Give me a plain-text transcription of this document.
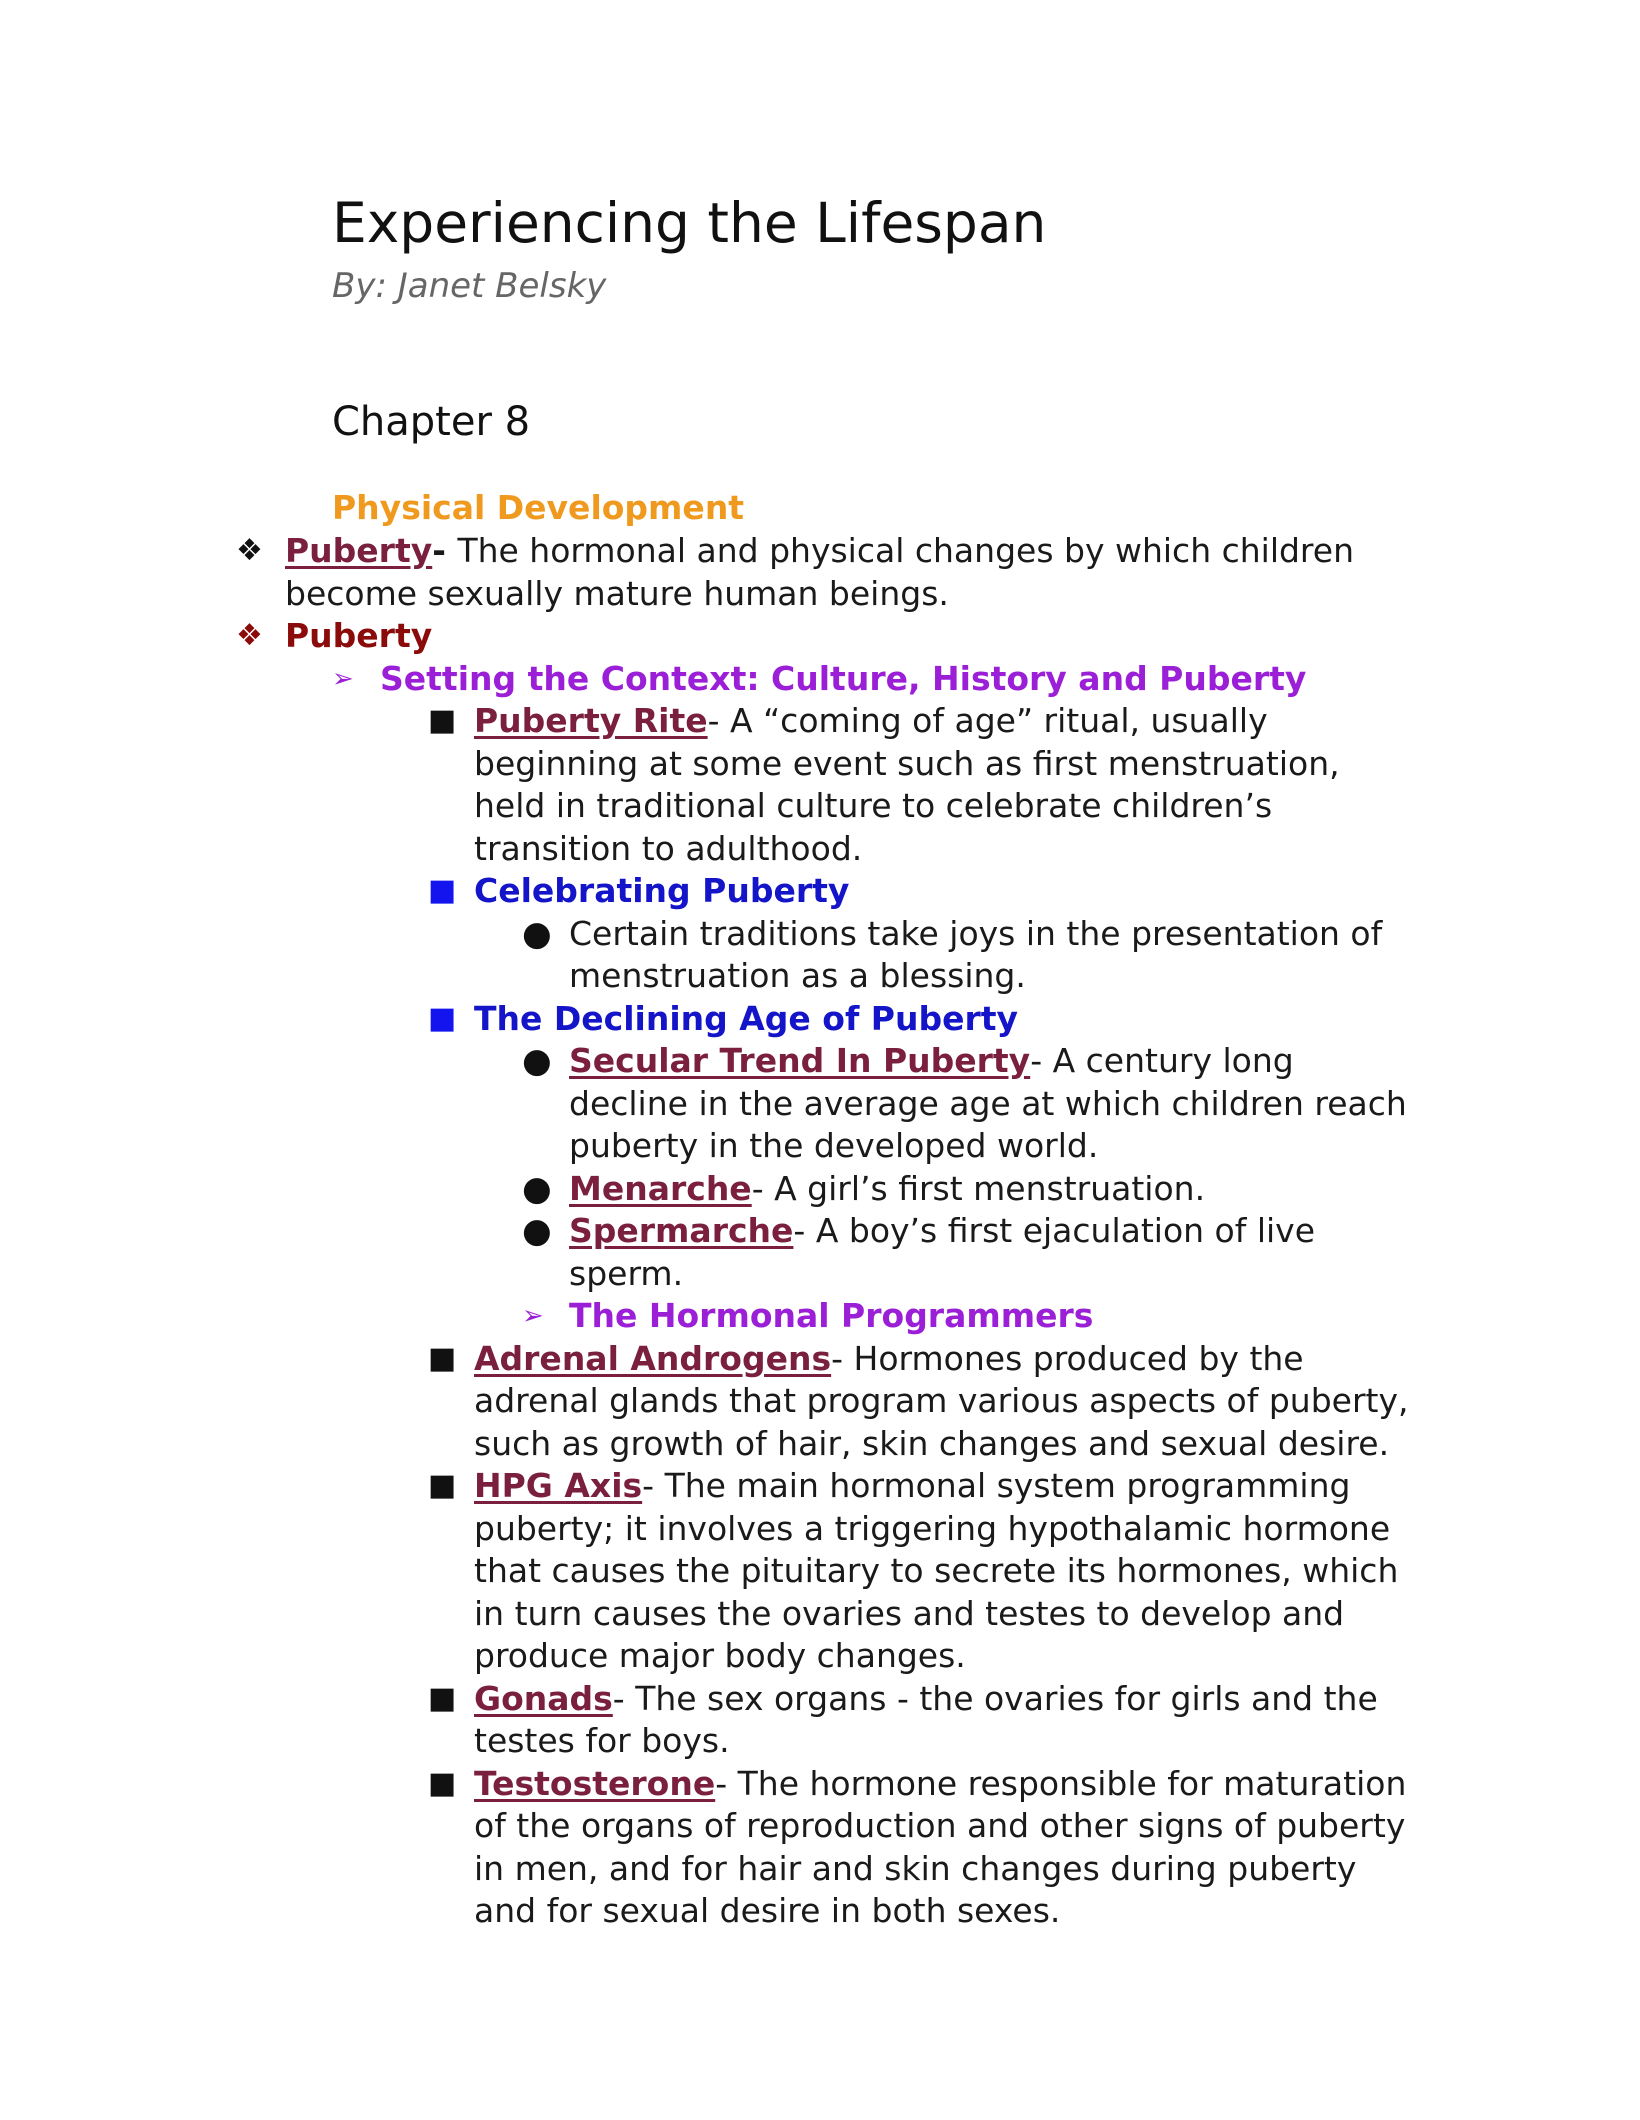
Experiencing the Lifespan
By: Janet Belsky
Chapter 8
Physical Development
❖ Puberty- The hormonal and physical changes by which children become sexually mature human beings.
❖ Puberty
➢ Setting the Context: Culture, History and Puberty
■ Puberty Rite- A “coming of age” ritual, usually beginning at some event such as first menstruation, held in traditional culture to celebrate children’s transition to adulthood.
■ Celebrating Puberty
● Certain traditions take joys in the presentation of menstruation as a blessing.
■ The Declining Age of Puberty
● Secular Trend In Puberty- A century long decline in the average age at which children reach puberty in the developed world.
● Menarche- A girl’s first menstruation.
● Spermarche- A boy’s first ejaculation of live sperm.
➢ The Hormonal Programmers
■ Adrenal Androgens- Hormones produced by the adrenal glands that program various aspects of puberty, such as growth of hair, skin changes and sexual desire.
■ HPG Axis- The main hormonal system programming puberty; it involves a triggering hypothalamic hormone that causes the pituitary to secrete its hormones, which in turn causes the ovaries and testes to develop and produce major body changes.
■ Gonads- The sex organs - the ovaries for girls and the testes for boys.
■ Testosterone- The hormone responsible for maturation of the organs of reproduction and other signs of puberty in men, and for hair and skin changes during puberty and for sexual desire in both sexes.
